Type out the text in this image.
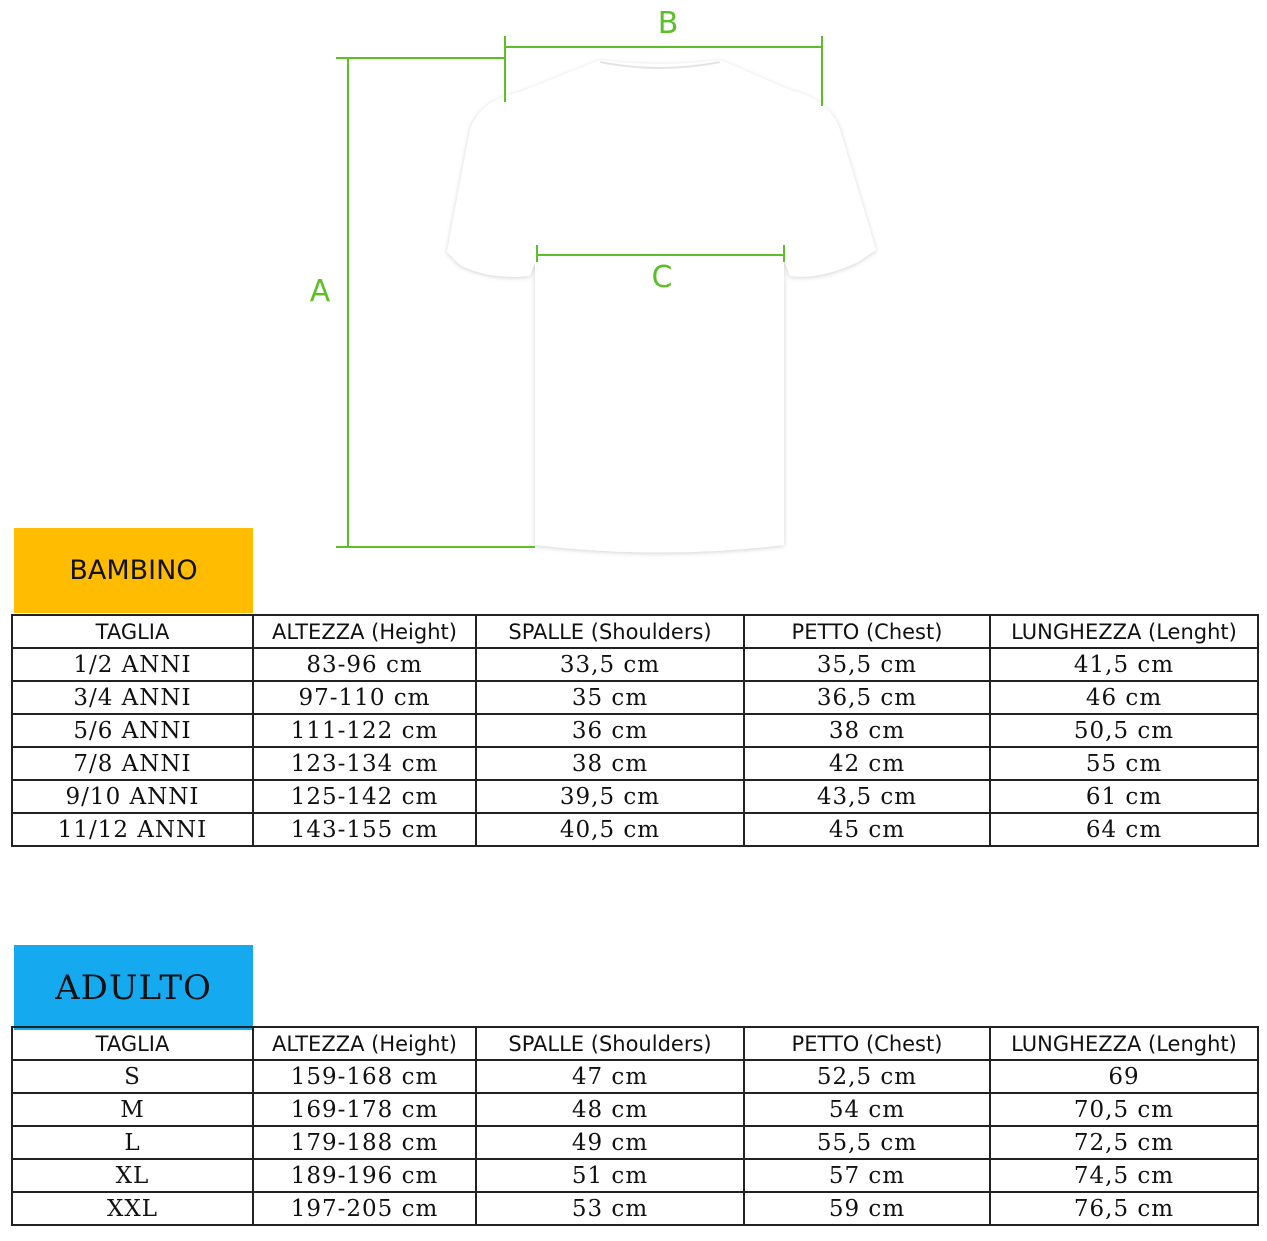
A
B
C
BAMBINO
TAGLIA	ALTEZZA (Height)	SPALLE (Shoulders)	PETTO (Chest)	LUNGHEZZA (Lenght)
1/2 ANNI	83-96 cm	33,5 cm	35,5 cm	41,5 cm
3/4 ANNI	97-110 cm	35 cm	36,5 cm	46 cm
5/6 ANNI	111-122 cm	36 cm	38 cm	50,5 cm
7/8 ANNI	123-134 cm	38 cm	42 cm	55 cm
9/10 ANNI	125-142 cm	39,5 cm	43,5 cm	61 cm
11/12 ANNI	143-155 cm	40,5 cm	45 cm	64 cm
ADULTO
TAGLIA	ALTEZZA (Height)	SPALLE (Shoulders)	PETTO (Chest)	LUNGHEZZA (Lenght)
S	159-168 cm	47 cm	52,5 cm	69
M	169-178 cm	48 cm	54 cm	70,5 cm
L	179-188 cm	49 cm	55,5 cm	72,5 cm
XL	189-196 cm	51 cm	57 cm	74,5 cm
XXL	197-205 cm	53 cm	59 cm	76,5 cm
